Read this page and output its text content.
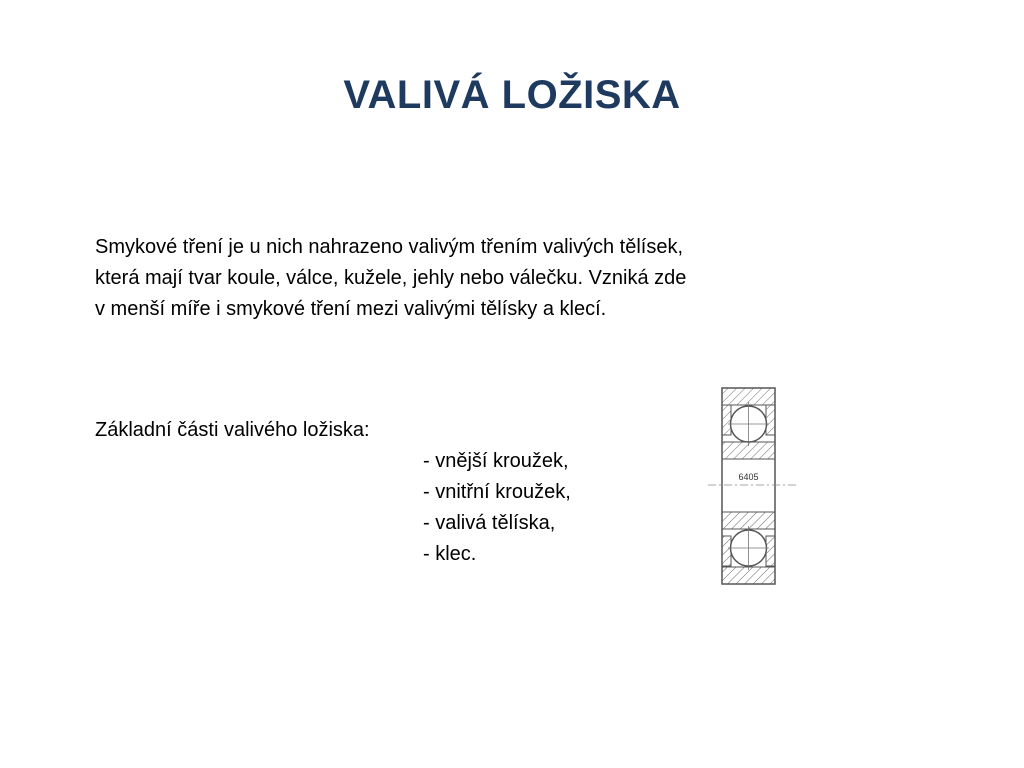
VALIVÁ LOŽISKA
Smykové tření je u nich nahrazeno valivým třením valivých tělísek,
která mají tvar koule, válce, kužele, jehly nebo válečku. Vzniká zde
v menší míře i smykové tření mezi valivými tělísky a klecí.
Základní části valivého ložiska:
- vnější kroužek,
- vnitřní kroužek,
- valivá tělíska,
- klec.
6405
